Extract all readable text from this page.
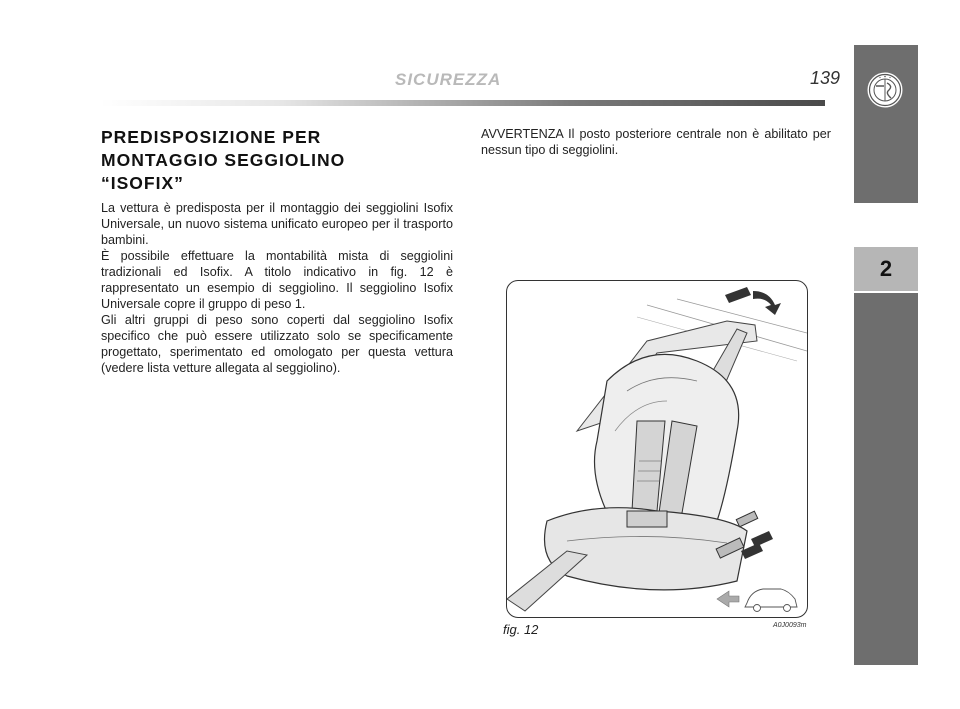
SICUREZZA	139
2
PREDISPOSIZIONE PER
MONTAGGIO SEGGIOLINO
“ISOFIX”

La vettura è predisposta per il montaggio dei seggiolini Isofix Universale, un nuovo sistema unificato europeo per il trasporto bambini.

È possibile effettuare la montabilità mista di seggiolini tradizionali ed Isofix. A titolo indicativo in fig. 12 è rappresentato un esempio di seggiolino. Il seggiolino Isofix Universale copre il gruppo di peso 1.

Gli altri gruppi di peso sono coperti dal seggiolino Isofix specifico che può essere utilizzato solo se specificamente progettato, sperimentato ed omologato per questa vettura (vedere lista vetture allegata al seggiolino).

AVVERTENZA Il posto posteriore centrale non è abilitato per nessun tipo di seggiolini.
fig. 12	A0J0093m
